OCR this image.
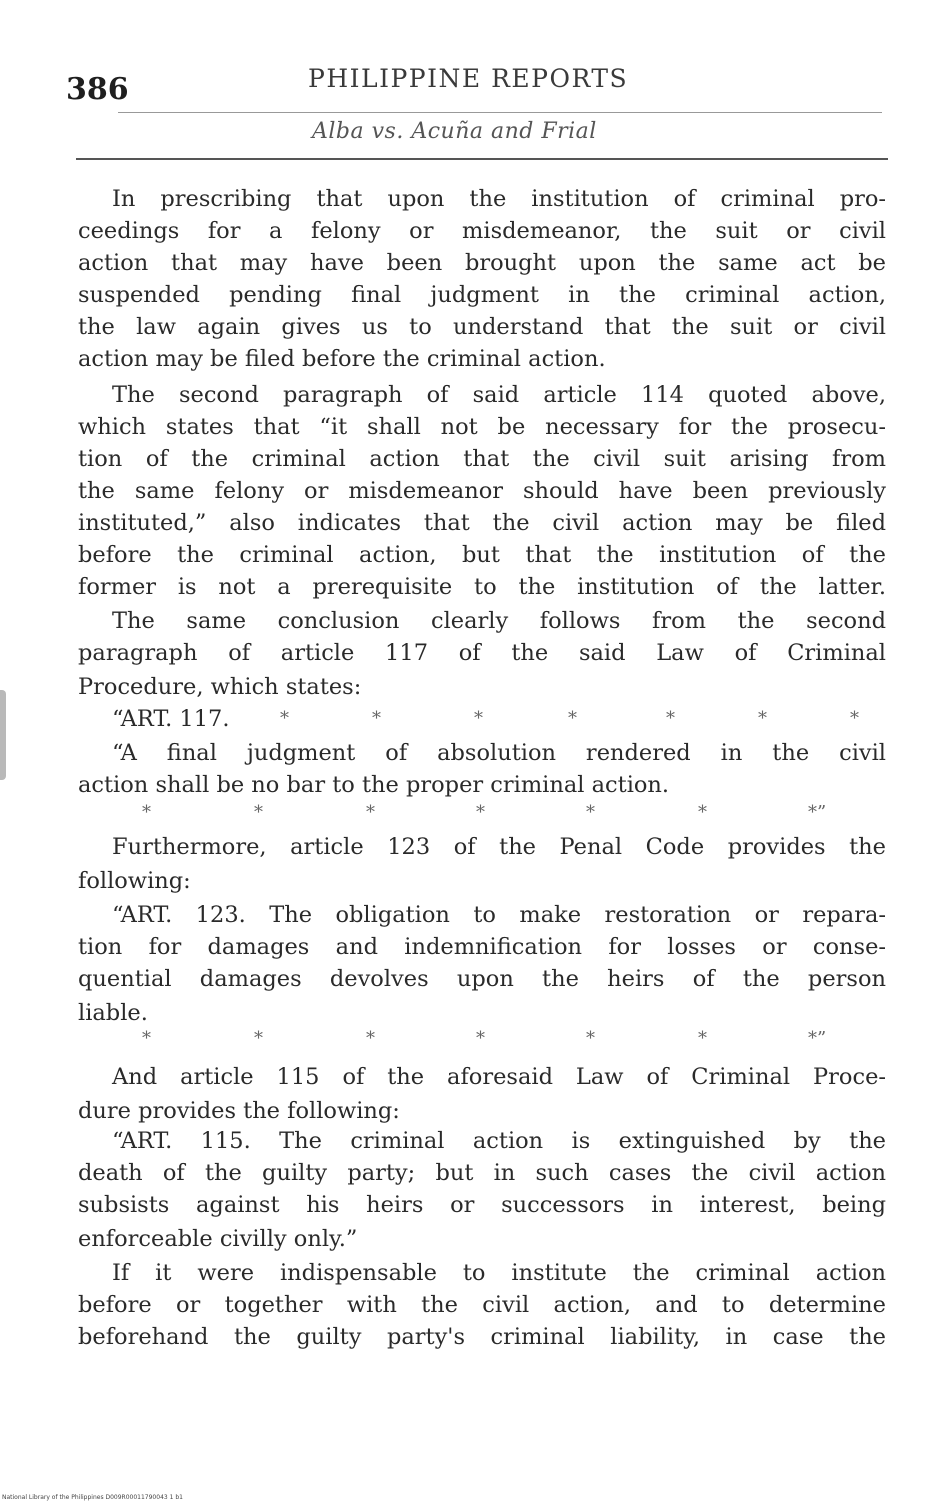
386	PHILIPPINE REPORTS
Alba vs. Acuña and Frial
In prescribing that upon the institution of criminal pro-
ceedings for a felony or misdemeanor, the suit or civil
action that may have been brought upon the same act be
suspended pending final judgment in the criminal action,
the law again gives us to understand that the suit or civil
action may be filed before the criminal action.
The second paragraph of said article 114 quoted above,
which states that “it shall not be necessary for the prosecu-
tion of the criminal action that the civil suit arising from
the same felony or misdemeanor should have been previously
instituted,” also indicates that the civil action may be filed
before the criminal action, but that the institution of the
former is not a prerequisite to the institution of the latter.
The same conclusion clearly follows from the second
paragraph of article 117 of the said Law of Criminal
Procedure, which states:
“ART. 117.	*	*	*	*	*	*	*
“A final judgment of absolution rendered in the civil
action shall be no bar to the proper criminal action.
*	*	*	*	*	*	*”
Furthermore, article 123 of the Penal Code provides the
following:
“ART. 123. The obligation to make restoration or repara-
tion for damages and indemnification for losses or conse-
quential damages devolves upon the heirs of the person
liable.
*	*	*	*	*	*	*”
And article 115 of the aforesaid Law of Criminal Proce-
dure provides the following:
“ART. 115. The criminal action is extinguished by the
death of the guilty party; but in such cases the civil action
subsists against his heirs or successors in interest, being
enforceable civilly only.”
If it were indispensable to institute the criminal action
before or together with the civil action, and to determine
beforehand the guilty party's criminal liability, in case the
National Library of the Philippines D009R00011790043 1 b1
